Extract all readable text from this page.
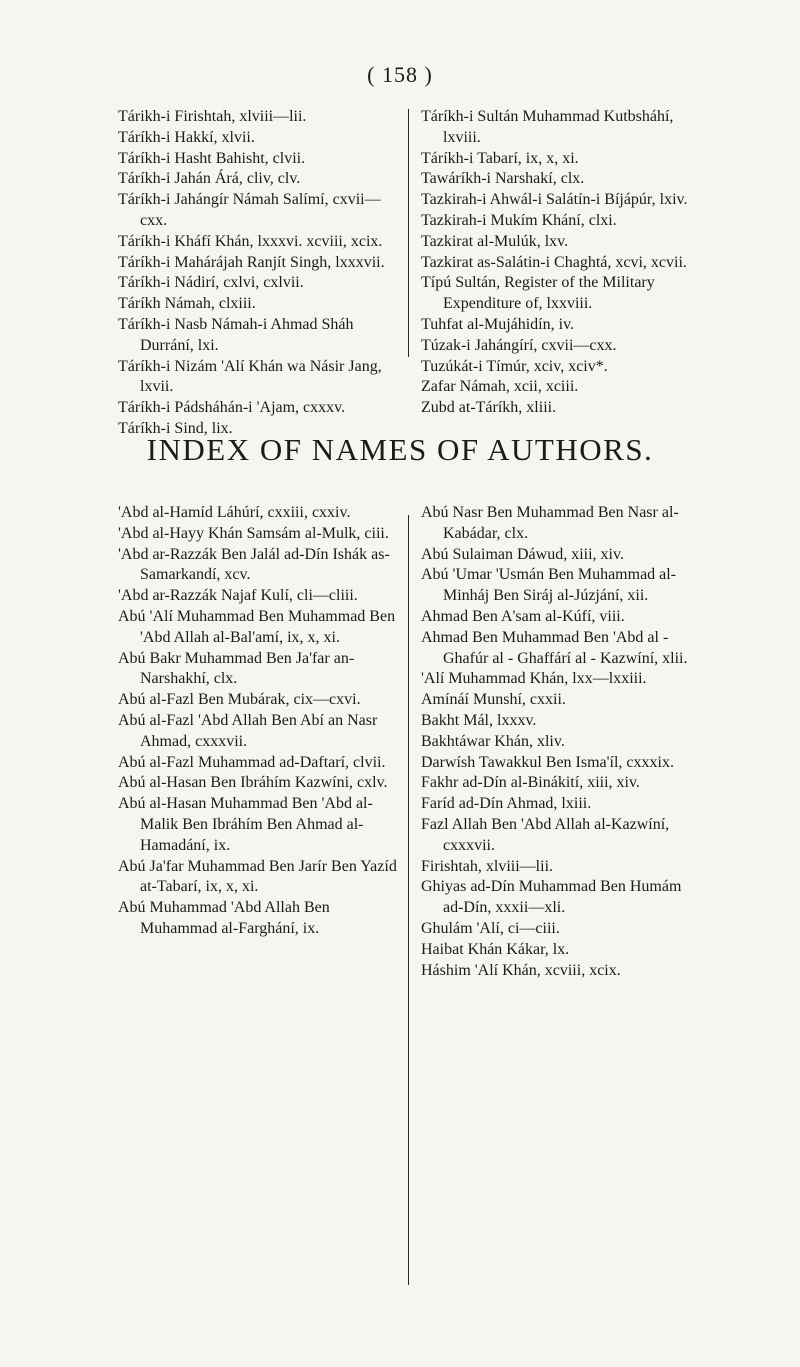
( 158 )

Tárikh-i Firishtah, xlviii—lii.

Táríkh-i Hakkí, xlvii.

Táríkh-i Hasht Bahisht, clvii.

Táríkh-i Jahán Árá, cliv, clv.

Táríkh-i Jahángír Námah Salímí, cxvii—cxx.

Táríkh-i Kháfí Khán, lxxxvi. xcviii, xcix.

Táríkh-i Mahárájah Ranjít Singh, lxxxvii.

Táríkh-i Nádirí, cxlvi, cxlvii.

Táríkh Námah, clxiii.

Táríkh-i Nasb Námah-i Ahmad Sháh Durrání, lxi.

Táríkh-i Nizám 'Alí Khán wa Násir Jang, lxvii.

Táríkh-i Pádsháhán-i 'Ajam, cxxxv.

Táríkh-i Sind, lix.

Táríkh-i Sultán Muhammad Kutbsháhí, lxviii.

Táríkh-i Tabarí, ix, x, xi.

Tawáríkh-i Narshakí, clx.

Tazkirah-i Ahwál-i Salátín-i Bíjápúr, lxiv.

Tazkirah-i Mukím Khání, clxi.

Tazkirat al-Mulúk, lxv.

Tazkirat as-Salátin-i Chaghtá, xcvi, xcvii.

Típú Sultán, Register of the Military Expenditure of, lxxviii.

Tuhfat al-Mujáhidín, iv.

Túzak-i Jahángírí, cxvii—cxx.

Tuzúkát-i Tímúr, xciv, xciv*.

Zafar Námah, xcii, xciii.

Zubd at-Táríkh, xliii.

INDEX OF NAMES OF AUTHORS.

'Abd al-Hamíd Láhúrí, cxxiii, cxxiv.

'Abd al-Hayy Khán Samsám al-Mulk, ciii.

'Abd ar-Razzák Ben Jalál ad-Dín Ishák as-Samarkandí, xcv.

'Abd ar-Razzák Najaf Kulí, cli—cliii.

Abú 'Alí Muhammad Ben Muhammad Ben 'Abd Allah al-Bal'amí, ix, x, xi.

Abú Bakr Muhammad Ben Ja'far an-Narshakhí, clx.

Abú al-Fazl Ben Mubárak, cix—cxvi.

Abú al-Fazl 'Abd Allah Ben Abí an Nasr Ahmad, cxxxvii.

Abú al-Fazl Muhammad ad-Daftarí, clvii.

Abú al-Hasan Ben Ibráhím Kazwíni, cxlv.

Abú al-Hasan Muhammad Ben 'Abd al-Malik Ben Ibráhím Ben Ahmad al-Hamadání, ix.

Abú Ja'far Muhammad Ben Jarír Ben Yazíd at-Tabarí, ix, x, xi.

Abú Muhammad 'Abd Allah Ben Muhammad al-Farghání, ix.

Abú Nasr Ben Muhammad Ben Nasr al-Kabádar, clx.

Abú Sulaiman Dáwud, xiii, xiv.

Abú 'Umar 'Usmán Ben Muhammad al-Minháj Ben Siráj al-Júzjání, xii.

Ahmad Ben A'sam al-Kúfí, viii.

Ahmad Ben Muhammad Ben 'Abd al - Ghafúr al - Ghaffárí al - Kazwíní, xlii.

'Alí Muhammad Khán, lxx—lxxiii.

Amínáí Munshí, cxxii.

Bakht Mál, lxxxv.

Bakhtáwar Khán, xliv.

Darwísh Tawakkul Ben Isma'íl, cxxxix.

Fakhr ad-Dín al-Binákití, xiii, xiv.

Faríd ad-Dín Ahmad, lxiii.

Fazl Allah Ben 'Abd Allah al-Kazwíní, cxxxvii.

Firishtah, xlviii—lii.

Ghiyas ad-Dín Muhammad Ben Humám ad-Dín, xxxii—xli.

Ghulám 'Alí, ci—ciii.

Haibat Khán Kákar, lx.

Háshim 'Alí Khán, xcviii, xcix.
